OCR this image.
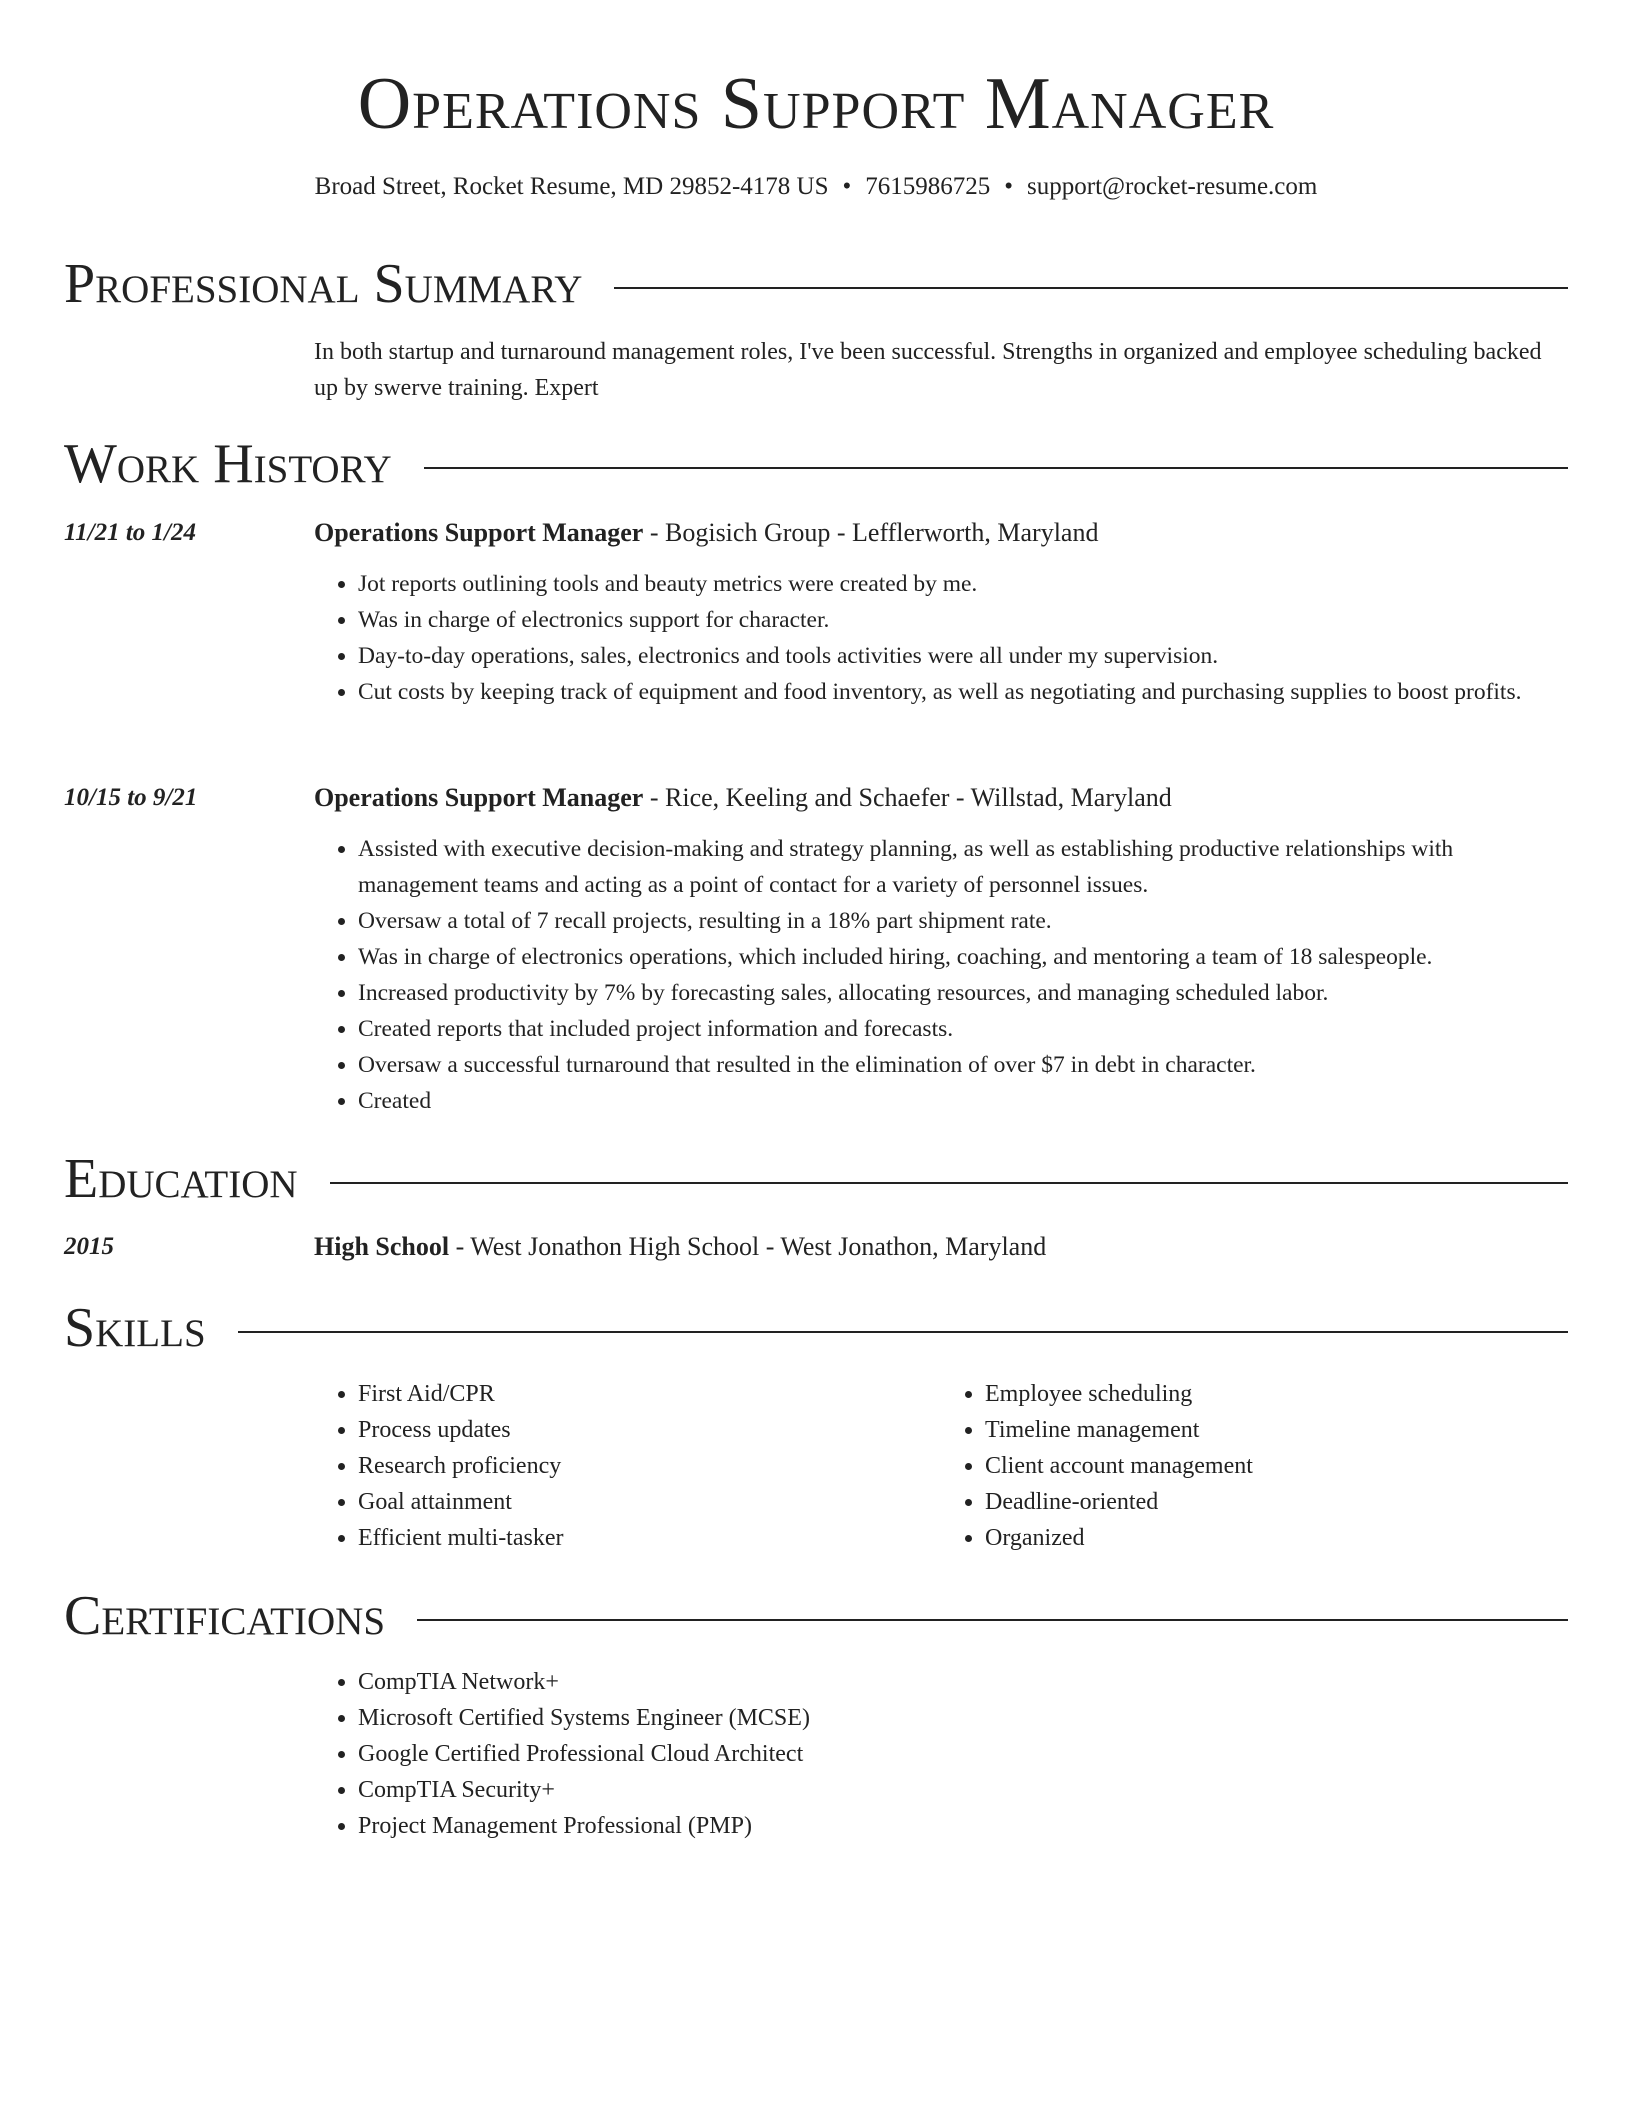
Operations Support Manager
Broad Street, Rocket Resume, MD 29852-4178 US • 7615986725 • support@rocket-resume.com
Professional Summary
In both startup and turnaround management roles, I've been successful. Strengths in organized and employee scheduling backed up by swerve training. Expert
Work History
11/21 to 1/24	Operations Support Manager - Bogisich Group - Lefflerworth, Maryland
• Jot reports outlining tools and beauty metrics were created by me.
• Was in charge of electronics support for character.
• Day-to-day operations, sales, electronics and tools activities were all under my supervision.
• Cut costs by keeping track of equipment and food inventory, as well as negotiating and purchasing supplies to boost profits.
10/15 to 9/21	Operations Support Manager - Rice, Keeling and Schaefer - Willstad, Maryland
• Assisted with executive decision-making and strategy planning, as well as establishing productive relationships with management teams and acting as a point of contact for a variety of personnel issues.
• Oversaw a total of 7 recall projects, resulting in a 18% part shipment rate.
• Was in charge of electronics operations, which included hiring, coaching, and mentoring a team of 18 salespeople.
• Increased productivity by 7% by forecasting sales, allocating resources, and managing scheduled labor.
• Created reports that included project information and forecasts.
• Oversaw a successful turnaround that resulted in the elimination of over $7 in debt in character.
• Created
Education
2015	High School - West Jonathon High School - West Jonathon, Maryland
Skills
• First Aid/CPR
• Process updates
• Research proficiency
• Goal attainment
• Efficient multi-tasker
• Employee scheduling
• Timeline management
• Client account management
• Deadline-oriented
• Organized
Certifications
• CompTIA Network+
• Microsoft Certified Systems Engineer (MCSE)
• Google Certified Professional Cloud Architect
• CompTIA Security+
• Project Management Professional (PMP)
